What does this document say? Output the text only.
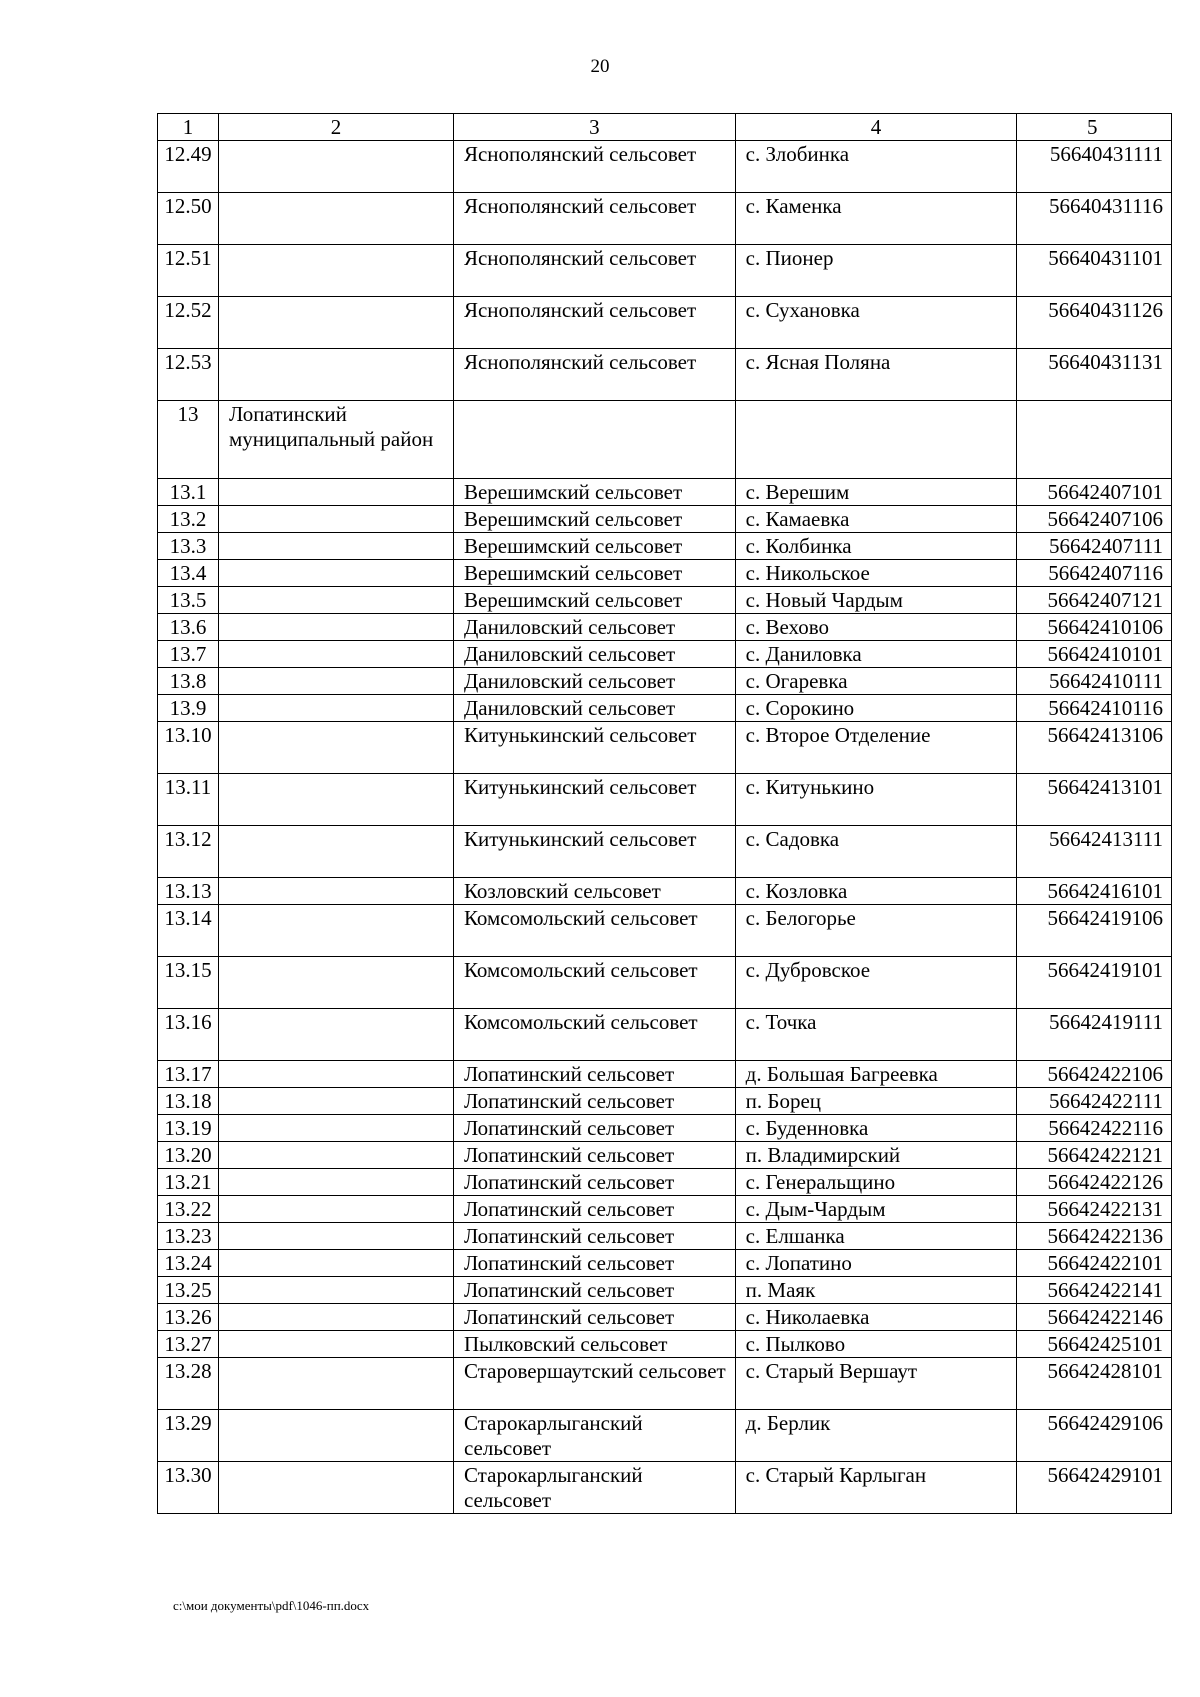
20
1	2	3	4	5
12.49		Яснополянский сельсовет	с. Злобинка	56640431111
12.50		Яснополянский сельсовет	с. Каменка	56640431116
12.51		Яснополянский сельсовет	с. Пионер	56640431101
12.52		Яснополянский сельсовет	с. Сухановка	56640431126
12.53		Яснополянский сельсовет	с. Ясная Поляна	56640431131
13	Лопатинский муниципальный район			
13.1		Верешимский сельсовет	с. Верешим	56642407101
13.2		Верешимский сельсовет	с. Камаевка	56642407106
13.3		Верешимский сельсовет	с. Колбинка	56642407111
13.4		Верешимский сельсовет	с. Никольское	56642407116
13.5		Верешимский сельсовет	с. Новый Чардым	56642407121
13.6		Даниловский сельсовет	с. Вехово	56642410106
13.7		Даниловский сельсовет	с. Даниловка	56642410101
13.8		Даниловский сельсовет	с. Огаревка	56642410111
13.9		Даниловский сельсовет	с. Сорокино	56642410116
13.10		Китунькинский сельсовет	с. Второе Отделение	56642413106
13.11		Китунькинский сельсовет	с. Китунькино	56642413101
13.12		Китунькинский сельсовет	с. Садовка	56642413111
13.13		Козловский сельсовет	с. Козловка	56642416101
13.14		Комсомольский сельсовет	с. Белогорье	56642419106
13.15		Комсомольский сельсовет	с. Дубровское	56642419101
13.16		Комсомольский сельсовет	с. Точка	56642419111
13.17		Лопатинский сельсовет	д. Большая Багреевка	56642422106
13.18		Лопатинский сельсовет	п. Борец	56642422111
13.19		Лопатинский сельсовет	с. Буденновка	56642422116
13.20		Лопатинский сельсовет	п. Владимирский	56642422121
13.21		Лопатинский сельсовет	с. Генеральщино	56642422126
13.22		Лопатинский сельсовет	с. Дым-Чардым	56642422131
13.23		Лопатинский сельсовет	с. Елшанка	56642422136
13.24		Лопатинский сельсовет	с. Лопатино	56642422101
13.25		Лопатинский сельсовет	п. Маяк	56642422141
13.26		Лопатинский сельсовет	с. Николаевка	56642422146
13.27		Пылковский сельсовет	с. Пылково	56642425101
13.28		Старовершаутский сельсовет	с. Старый Вершаут	56642428101
13.29		Старокарлыганский сельсовет	д. Берлик	56642429106
13.30		Старокарлыганский сельсовет	с. Старый Карлыган	56642429101
c:\мои документы\pdf\1046-пп.docx
